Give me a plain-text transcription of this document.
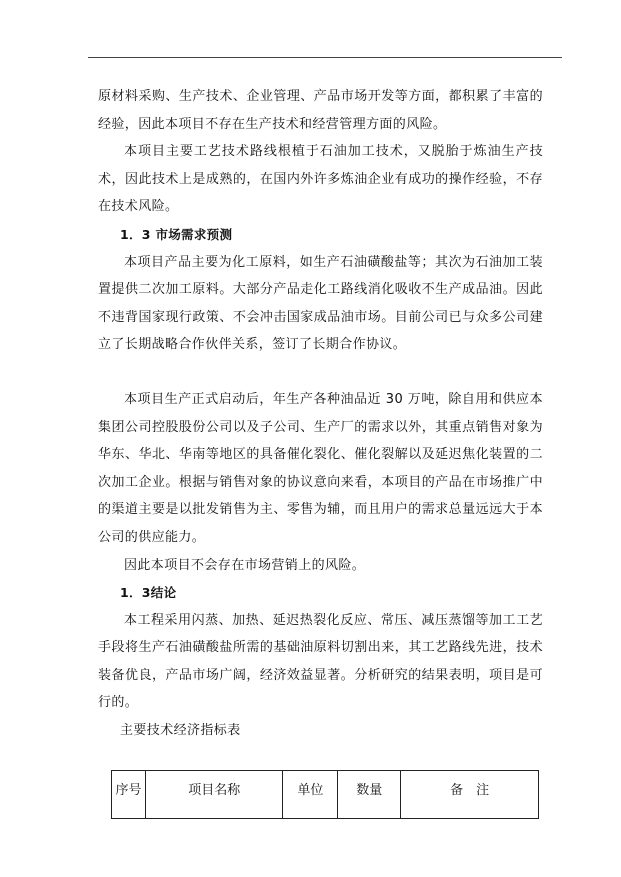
原材料采购、生产技术、企业管理、产品市场开发等方面，都积累了丰富的经验，因此本项目不存在生产技术和经营管理方面的风险。

本项目主要工艺技术路线根植于石油加工技术，又脱胎于炼油生产技术，因此技术上是成熟的，在国内外许多炼油企业有成功的操作经验，不存在技术风险。

1．3 市场需求预测

本项目产品主要为化工原料，如生产石油磺酸盐等；其次为石油加工装置提供二次加工原料。大部分产品走化工路线消化吸收不生产成品油。因此不违背国家现行政策、不会冲击国家成品油市场。目前公司已与众多公司建立了长期战略合作伙伴关系，签订了长期合作协议。

本项目生产正式启动后，年生产各种油品近 30 万吨，除自用和供应本集团公司控股股份公司以及子公司、生产厂的需求以外，其重点销售对象为华东、华北、华南等地区的具备催化裂化、催化裂解以及延迟焦化装置的二次加工企业。根据与销售对象的协议意向来看，本项目的产品在市场推广中的渠道主要是以批发销售为主、零售为辅，而且用户的需求总量远远大于本公司的供应能力。

因此本项目不会存在市场营销上的风险。

1．3结论

本工程采用闪蒸、加热、延迟热裂化反应、常压、减压蒸馏等加工工艺手段将生产石油磺酸盐所需的基础油原料切割出来，其工艺路线先进，技术装备优良，产品市场广阔，经济效益显著。分析研究的结果表明，项目是可行的。

主要技术经济指标表

序号	项目名称	单位	数量	备　注
